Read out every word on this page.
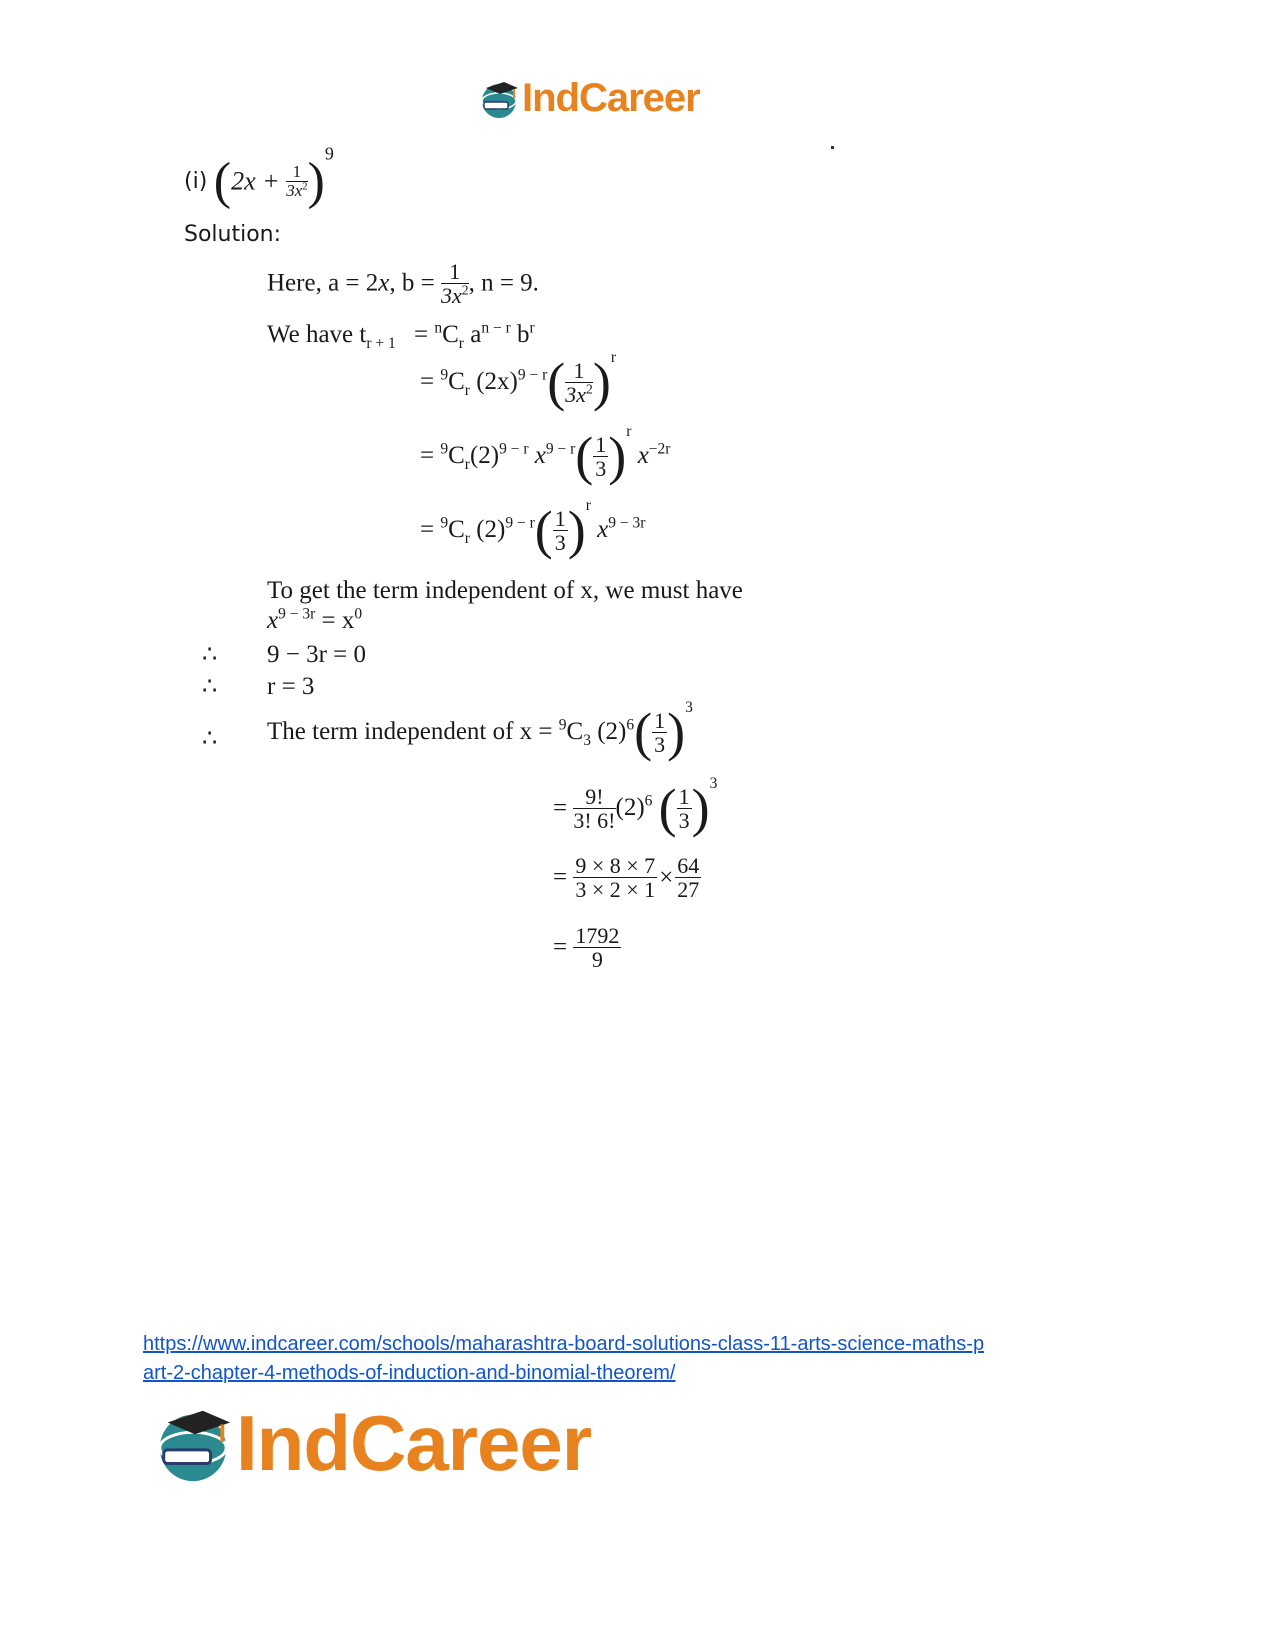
IndCareer
(i) $(2x + \frac{1}{3x^2} )^9$
Solution:
Here, a = 2x, $b = \frac{1}{3x^2}$ , n = 9.
We have $t_{r + 1} = ^nC_r$ $a^{n - r}$ $b^r$
= $^9C_r$ $(2x)^{9 - r}( \frac{1}{3x^2} )^r$
= $^9C_r(2)^{9 - r}$ $x^{9 - r}( \frac{1}{3} )^r$ $x^{-2r}$
= $^9C_r$ $(2)^{9 - r}( \frac{1}{3} )^r$ $x^{9 - 3r}$
To get the term independent of x, we must have
$x^{9 - 3r} = x^0$
∴ 9 − 3r = 0
∴ r = 3
∴ The term independent of $x = ^9C_3$ $(2)^6( \frac{1}{3} )^3$
= $\frac{9!}{3! 6!} (2)^6$ ( $\frac{1}{3} )^3$
= $\frac{9 \times 8 \times 7}{3 \times 2 \times 1} \times \frac{64}{27}$
= $\frac{1792}{9}$
https://www.indcareer.com/schools/maharashtra-board-solutions-class-11-arts-science-maths-p
art-2-chapter-4-methods-of-induction-and-binomial-theorem/
IndCareer
